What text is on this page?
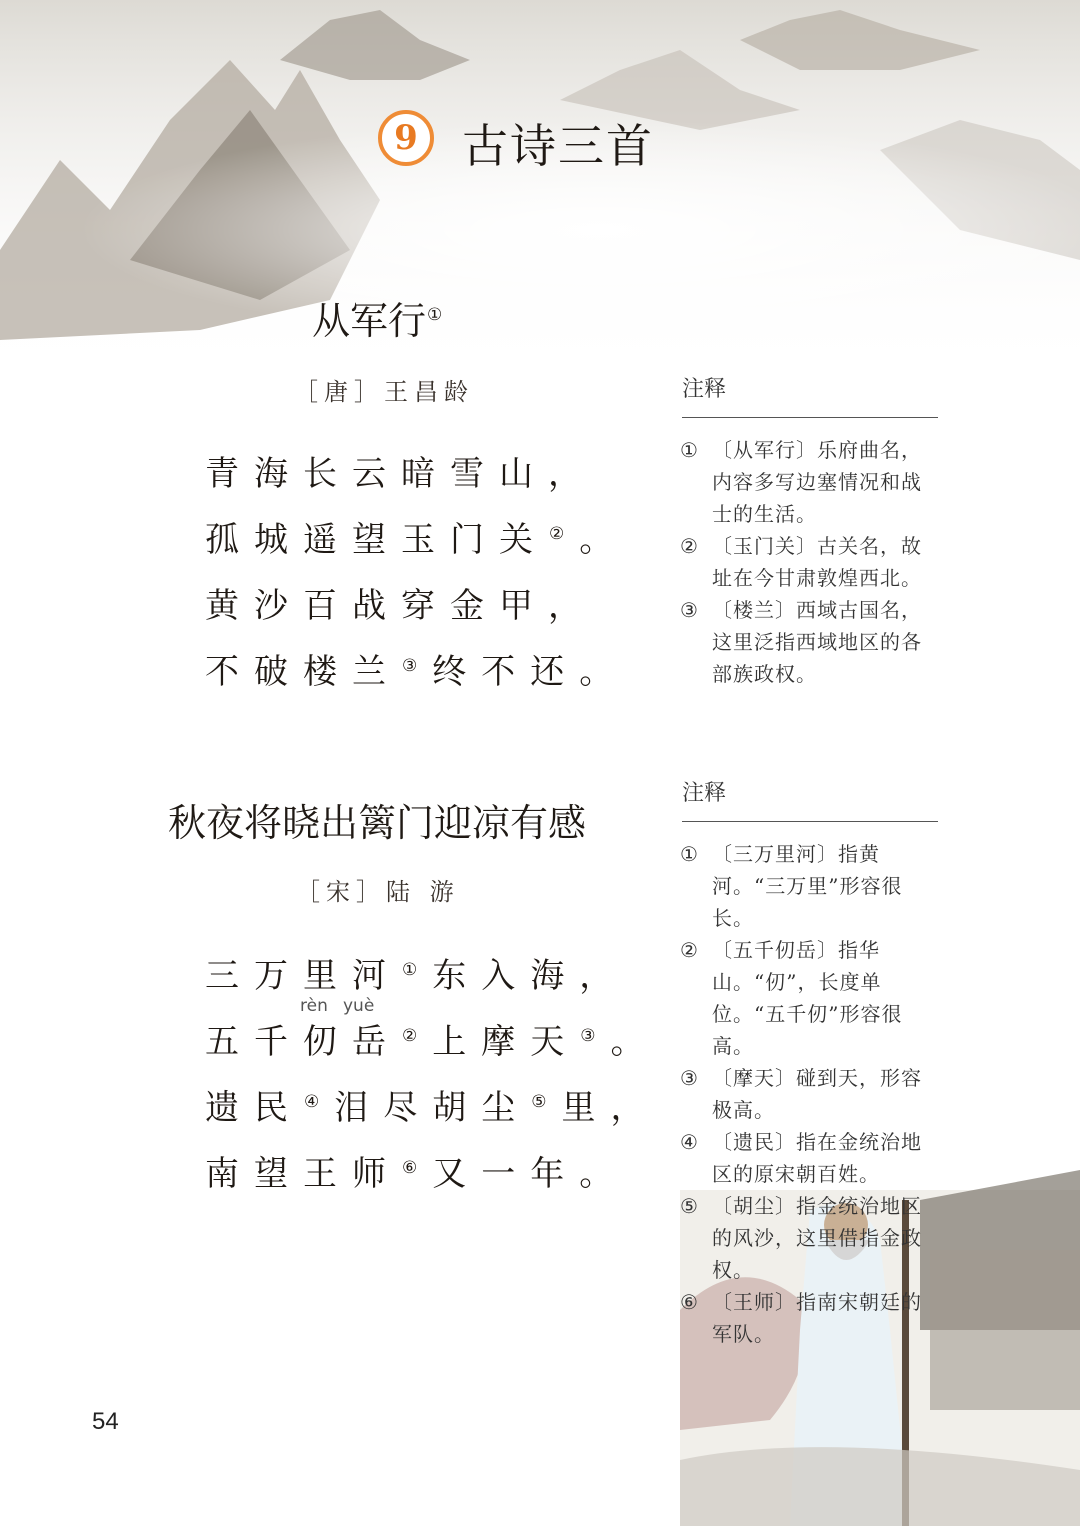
9 古诗三首
从军行①
［唐］王昌龄
青海长云暗雪山，
孤城遥望玉门关②。
黄沙百战穿金甲，
不破楼兰③终不还。
注释
① 〔从军行〕乐府曲名，内容多写边塞情况和战士的生活。
② 〔玉门关〕古关名，故址在今甘肃敦煌西北。
③ 〔楼兰〕西域古国名，这里泛指西域地区的各部族政权。
秋夜将晓出篱门迎凉有感
［宋］陆 游
三万里河①东入海，
rèn yuè
五千仞岳②上摩天③。
遗民④泪尽胡尘⑤里，
南望王师⑥又一年。
注释
① 〔三万里河〕指黄河。“三万里”形容很长。
② 〔五千仞岳〕指华山。“仞”，长度单位。“五千仞”形容很高。
③ 〔摩天〕碰到天，形容极高。
④ 〔遗民〕指在金统治地区的原宋朝百姓。
⑤ 〔胡尘〕指金统治地区的风沙，这里借指金政权。
⑥ 〔王师〕指南宋朝廷的军队。
54
